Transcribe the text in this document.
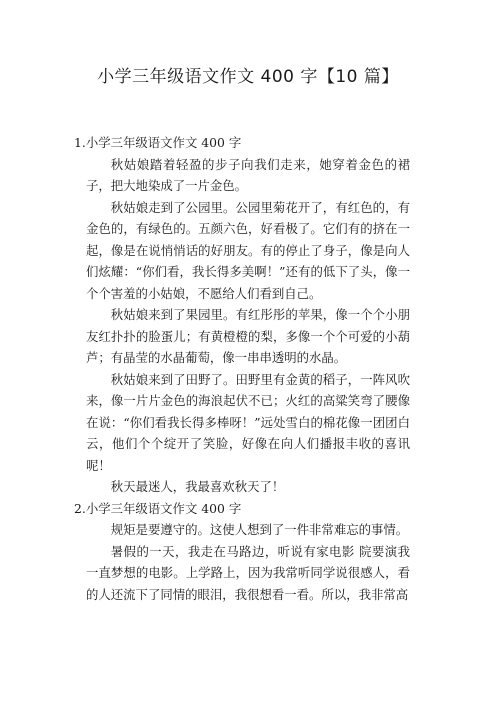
小学三年级语文作文 400 字【10 篇】

1.小学三年级语文作文 400 字

秋姑娘踏着轻盈的步子向我们走来，她穿着金色的裙子，把大地染成了一片金色。

秋姑娘走到了公园里。公园里菊花开了，有红色的，有金色的，有绿色的。五颜六色，好看极了。它们有的挤在一起，像是在说悄悄话的好朋友。有的停止了身子，像是向人们炫耀：“你们看，我长得多美啊！”还有的低下了头，像一个个害羞的小姑娘，不愿给人们看到自己。

秋姑娘来到了果园里。有红彤彤的苹果，像一个个小朋友红扑扑的脸蛋儿；有黄橙橙的梨，多像一个个可爱的小葫芦；有晶莹的水晶葡萄，像一串串透明的水晶。

秋姑娘来到了田野了。田野里有金黄的稻子，一阵风吹来，像一片片金色的海浪起伏不已；火红的高粱笑弯了腰像在说：“你们看我长得多棒呀！”远处雪白的棉花像一团团白云，他们个个绽开了笑脸，好像在向人们播报丰收的喜讯呢！

秋天最迷人，我最喜欢秋天了！

2.小学三年级语文作文 400 字

规矩是要遵守的。这使人想到了一件非常难忘的事情。

暑假的一天，我走在马路边，听说有家电影 院要演我一直梦想的电影。上学路上，因为我常听同学说很感人，看的人还流下了同情的眼泪，我很想看一看。所以，我非常高
